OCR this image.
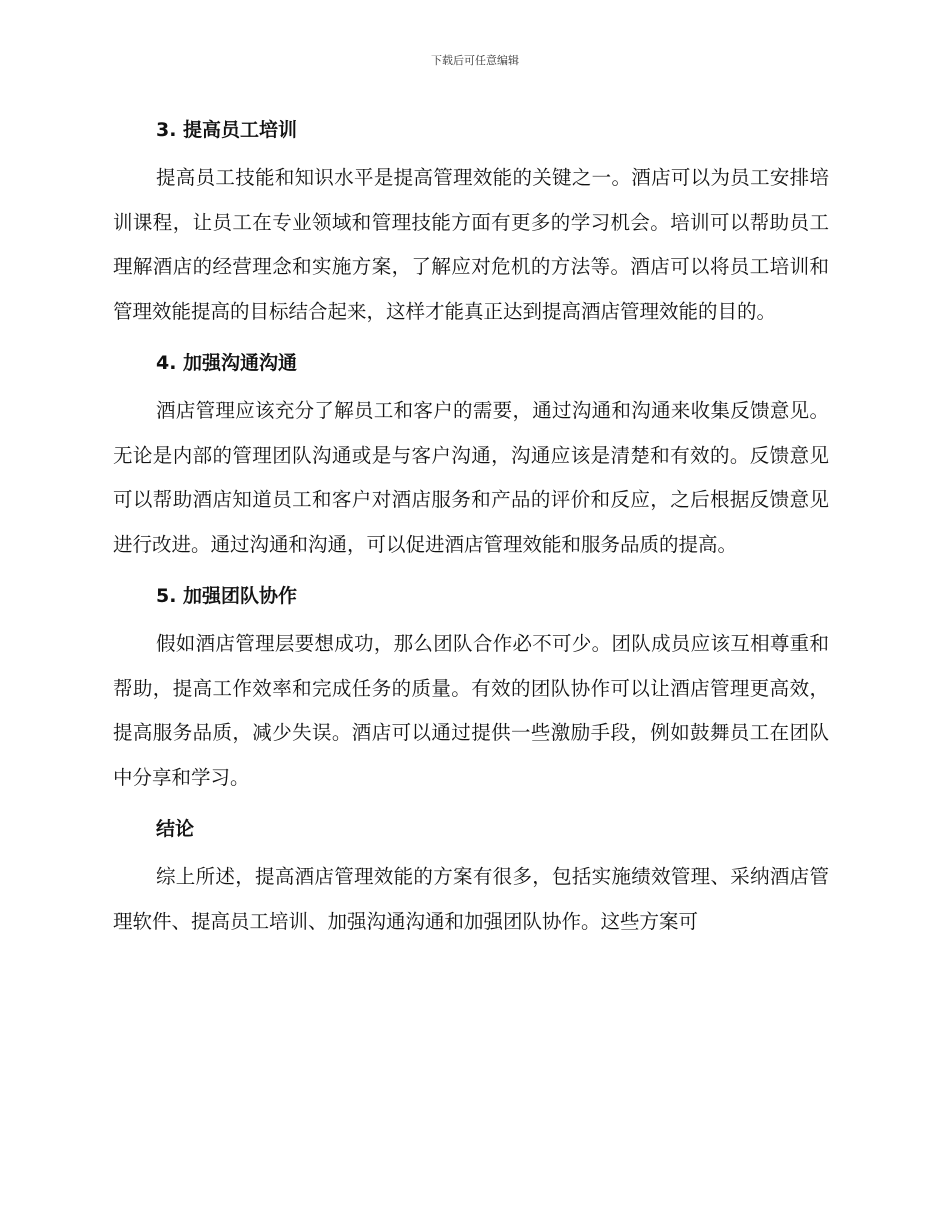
下载后可任意编辑
3. 提高员工培训

提高员工技能和知识水平是提高管理效能的关键之一。酒店可以为员工安排培训课程，让员工在专业领域和管理技能方面有更多的学习机会。培训可以帮助员工理解酒店的经营理念和实施方案，了解应对危机的方法等。酒店可以将员工培训和管理效能提高的目标结合起来，这样才能真正达到提高酒店管理效能的目的。

4. 加强沟通沟通

酒店管理应该充分了解员工和客户的需要，通过沟通和沟通来收集反馈意见。无论是内部的管理团队沟通或是与客户沟通，沟通应该是清楚和有效的。反馈意见可以帮助酒店知道员工和客户对酒店服务和产品的评价和反应，之后根据反馈意见进行改进。通过沟通和沟通，可以促进酒店管理效能和服务品质的提高。

5. 加强团队协作

假如酒店管理层要想成功，那么团队合作必不可少。团队成员应该互相尊重和帮助，提高工作效率和完成任务的质量。有效的团队协作可以让酒店管理更高效，提高服务品质，减少失误。酒店可以通过提供一些激励手段，例如鼓舞员工在团队中分享和学习。

结论

综上所述，提高酒店管理效能的方案有很多，包括实施绩效管理、采纳酒店管理软件、提高员工培训、加强沟通沟通和加强团队协作。这些方案可
